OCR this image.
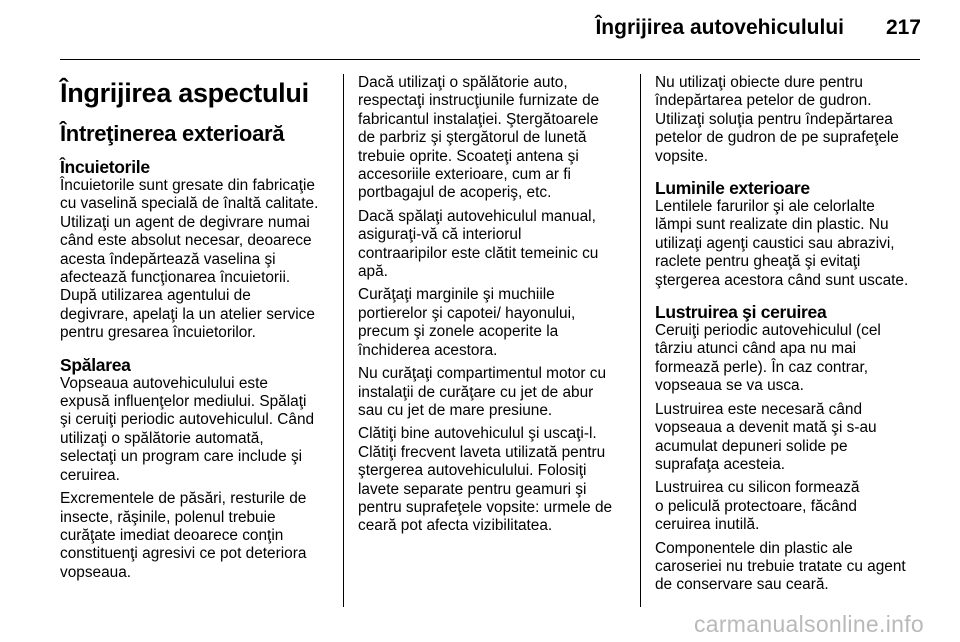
Îngrijirea autovehiculului 217
Îngrijirea aspectului
Întreţinerea exterioară
Încuietorile

Încuietorile sunt gresate din fabricaţie
cu vaselină specială de înaltă calitate.
Utilizaţi un agent de degivrare numai
când este absolut necesar, deoarece
acesta îndepărtează vaselina şi
afectează funcţionarea încuietorii.
După utilizarea agentului de
degivrare, apelaţi la un atelier service
pentru gresarea încuietorilor.

Spălarea

Vopseaua autovehiculului este
expusă influenţelor mediului. Spălaţi
şi ceruiţi periodic autovehiculul. Când
utilizaţi o spălătorie automată,
selectaţi un program care include şi
ceruirea.

Excrementele de păsări, resturile de
insecte, răşinile, polenul trebuie
curăţate imediat deoarece conţin
constituenţi agresivi ce pot deteriora
vopseaua.

Dacă utilizaţi o spălătorie auto,
respectaţi instrucţiunile furnizate de
fabricantul instalaţiei. Ştergătoarele
de parbriz şi ştergătorul de lunetă
trebuie oprite. Scoateţi antena şi
accesoriile exterioare, cum ar fi
portbagajul de acoperiş, etc.

Dacă spălaţi autovehiculul manual,
asiguraţi-vă că interiorul
contraaripilor este clătit temeinic cu
apă.

Curăţaţi marginile şi muchiile
portierelor şi capotei/ hayonului,
precum şi zonele acoperite la
închiderea acestora.

Nu curăţaţi compartimentul motor cu
instalaţii de curăţare cu jet de abur
sau cu jet de mare presiune.

Clătiţi bine autovehiculul şi uscaţi-l.
Clătiţi frecvent laveta utilizată pentru
ştergerea autovehiculului. Folosiţi
lavete separate pentru geamuri şi
pentru suprafeţele vopsite: urmele de
ceară pot afecta vizibilitatea.

Nu utilizaţi obiecte dure pentru
îndepărtarea petelor de gudron.
Utilizaţi soluţia pentru îndepărtarea
petelor de gudron de pe suprafeţele
vopsite.

Luminile exterioare

Lentilele farurilor şi ale celorlalte
lămpi sunt realizate din plastic. Nu
utilizaţi agenţi caustici sau abrazivi,
raclete pentru gheaţă şi evitaţi
ştergerea acestora când sunt uscate.

Lustruirea şi ceruirea

Ceruiţi periodic autovehiculul (cel
târziu atunci când apa nu mai
formează perle). În caz contrar,
vopseaua se va usca.

Lustruirea este necesară când
vopseaua a devenit mată şi s-au
acumulat depuneri solide pe
suprafaţa acesteia.

Lustruirea cu silicon formează
o peliculă protectoare, făcând
ceruirea inutilă.

Componentele din plastic ale
caroseriei nu trebuie tratate cu agent
de conservare sau ceară.

carmanualsonline.info
